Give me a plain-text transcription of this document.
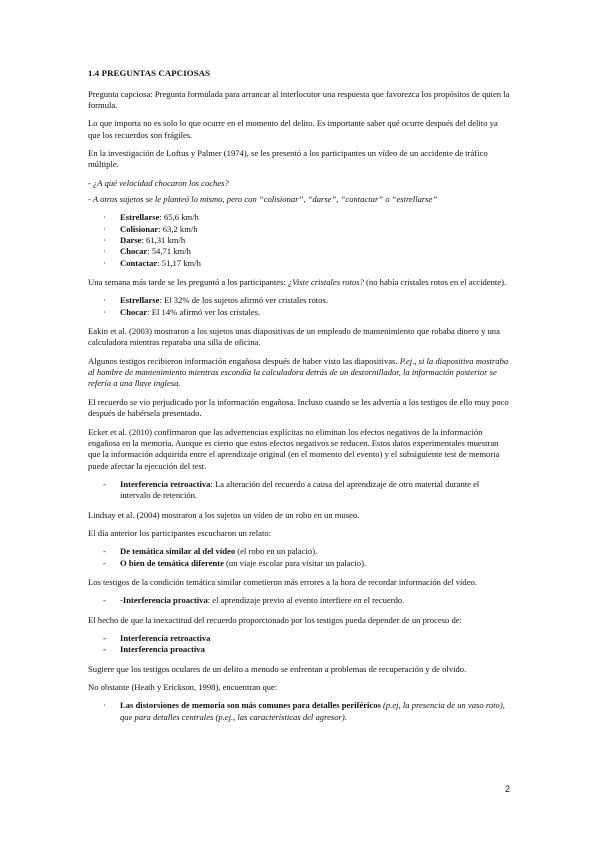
1.4 PREGUNTAS CAPCIOSAS

Pregunta capciosa: Pregunta formulada para arrancar al interlocutor una respuesta que favorezca los propósitos de quien la formula.

Lo que importa no es solo lo que ocurre en el momento del delito. Es importante saber qué ocurre después del delito ya que los recuerdos son frágiles.

En la investigación de Loftus y Palmer (1974), se les presentó a los participantes un vídeo de un accidente de tráfico múltiple.

- ¿A qué velocidad chocaron los coches?

- A otros sujetos se le planteó lo mismo, pero con “colisionar”, “darse”, “contactar” o “estrellarse”

· Estrellarse: 65,6 km/h
· Colisionar: 63,2 km/h
· Darse: 61,31 km/h
· Chocar: 54,71 km/h
· Contactar: 51,17 km/h

Una semana más tarde se les preguntó a los participantes: ¿Viste cristales rotos? (no había cristales rotos en el accidente).

· Estrellarse: El 32% de los sujetos afirmó ver cristales rotos.
· Chocar: El 14% afirmó ver los cristales.

Eakin et al. (2003) mostraron a los sujetos unas diapositivas de un empleado de mantenimiento que robaba dinero y una calculadora mientras reparaba una silla de oficina.

Algunos testigos recibieron información engañosa después de haber visto las diapositivas. P.ej., si la diapositiva mostraba al hombre de mantenimiento mientras escondía la calculadora detrás de un destornillador, la información posterior se refería a una llave inglesa.

El recuerdo se vio perjudicado por la información engañosa. Incluso cuando se les advertía a los testigos de ello muy poco después de habérsela presentado.

Ecker et al. (2010) confirmaron que las advertencias explícitas no eliminan los efectos negativos de la información engañosa en la memoria. Aunque es cierto que estos efectos negativos se reducen. Estos datos experimentales muestran que la información adquirida entre el aprendizaje original (en el momento del evento) y el subsiguiente test de memoria puede afectar la ejecución del test.

- Interferencia retroactiva: La alteración del recuerdo a causa del aprendizaje de otro material durante el intervalo de retención.

Lindsay et al. (2004) mostraron a los sujetos un vídeo de un robo en un museo.

El día anterior los participantes escucharon un relato:

- De temática similar al del vídeo (el robo en un palacio).
- O bien de temática diferente (un viaje escolar para visitar un palacio).

Los testigos de la condición temática similar cometieron más errores a la hora de recordar información del vídeo.

- -Interferencia proactiva: el aprendizaje previo al evento interfiere en el recuerdo.

El hecho de que la inexactitud del recuerdo proporcionado por los testigos pueda depender de un proceso de:

- Interferencia retroactiva
- Interferencia proactiva

Sugiere que los testigos oculares de un delito a menudo se enfrentan a problemas de recuperación y de olvido.

No obstante (Heath y Erickson, 1998), encuentran que:

· Las distorsiones de memoria son más comunes para detalles periféricos (p.ej, la presencia de un vaso roto), que para detalles centrales (p.ej., las características del agresor).
2
